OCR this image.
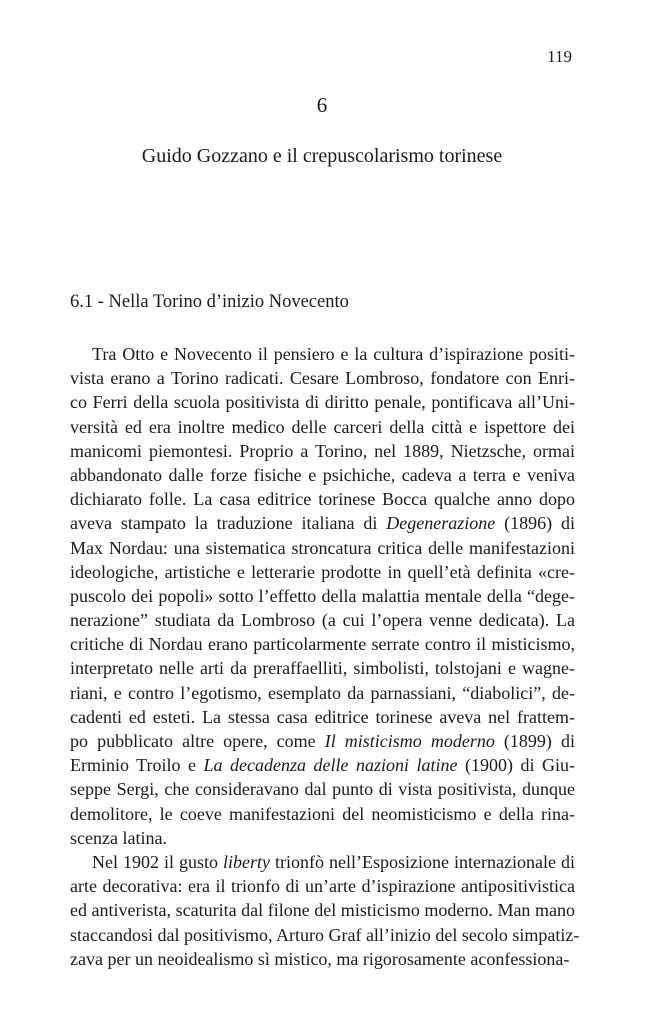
119
6
Guido Gozzano e il crepuscolarismo torinese
6.1 - Nella Torino d’inizio Novecento
Tra Otto e Novecento il pensiero e la cultura d’ispirazione positi-
vista erano a Torino radicati. Cesare Lombroso, fondatore con Enri-
co Ferri della scuola positivista di diritto penale, pontificava all’Uni-
versità ed era inoltre medico delle carceri della città e ispettore dei
manicomi piemontesi. Proprio a Torino, nel 1889, Nietzsche, ormai
abbandonato dalle forze fisiche e psichiche, cadeva a terra e veniva
dichiarato folle. La casa editrice torinese Bocca qualche anno dopo
aveva stampato la traduzione italiana di Degenerazione (1896) di
Max Nordau: una sistematica stroncatura critica delle manifestazioni
ideologiche, artistiche e letterarie prodotte in quell’età definita «cre-
puscolo dei popoli» sotto l’effetto della malattia mentale della “dege-
nerazione” studiata da Lombroso (a cui l’opera venne dedicata). La
critiche di Nordau erano particolarmente serrate contro il misticismo,
interpretato nelle arti da preraffaelliti, simbolisti, tolstojani e wagne-
riani, e contro l’egotismo, esemplato da parnassiani, “diabolici”, de-
cadenti ed esteti. La stessa casa editrice torinese aveva nel frattem-
po pubblicato altre opere, come Il misticismo moderno (1899) di
Erminio Troilo e La decadenza delle nazioni latine (1900) di Giu-
seppe Sergi, che consideravano dal punto di vista positivista, dunque
demolitore, le coeve manifestazioni del neomisticismo e della rina-
scenza latina.
Nel 1902 il gusto liberty trionfò nell’Esposizione internazionale di
arte decorativa: era il trionfo di un’arte d’ispirazione antipositivistica
ed antiverista, scaturita dal filone del misticismo moderno. Man mano
staccandosi dal positivismo, Arturo Graf all’inizio del secolo simpatiz-
zava per un neoidealismo sì mistico, ma rigorosamente aconfessiona-
